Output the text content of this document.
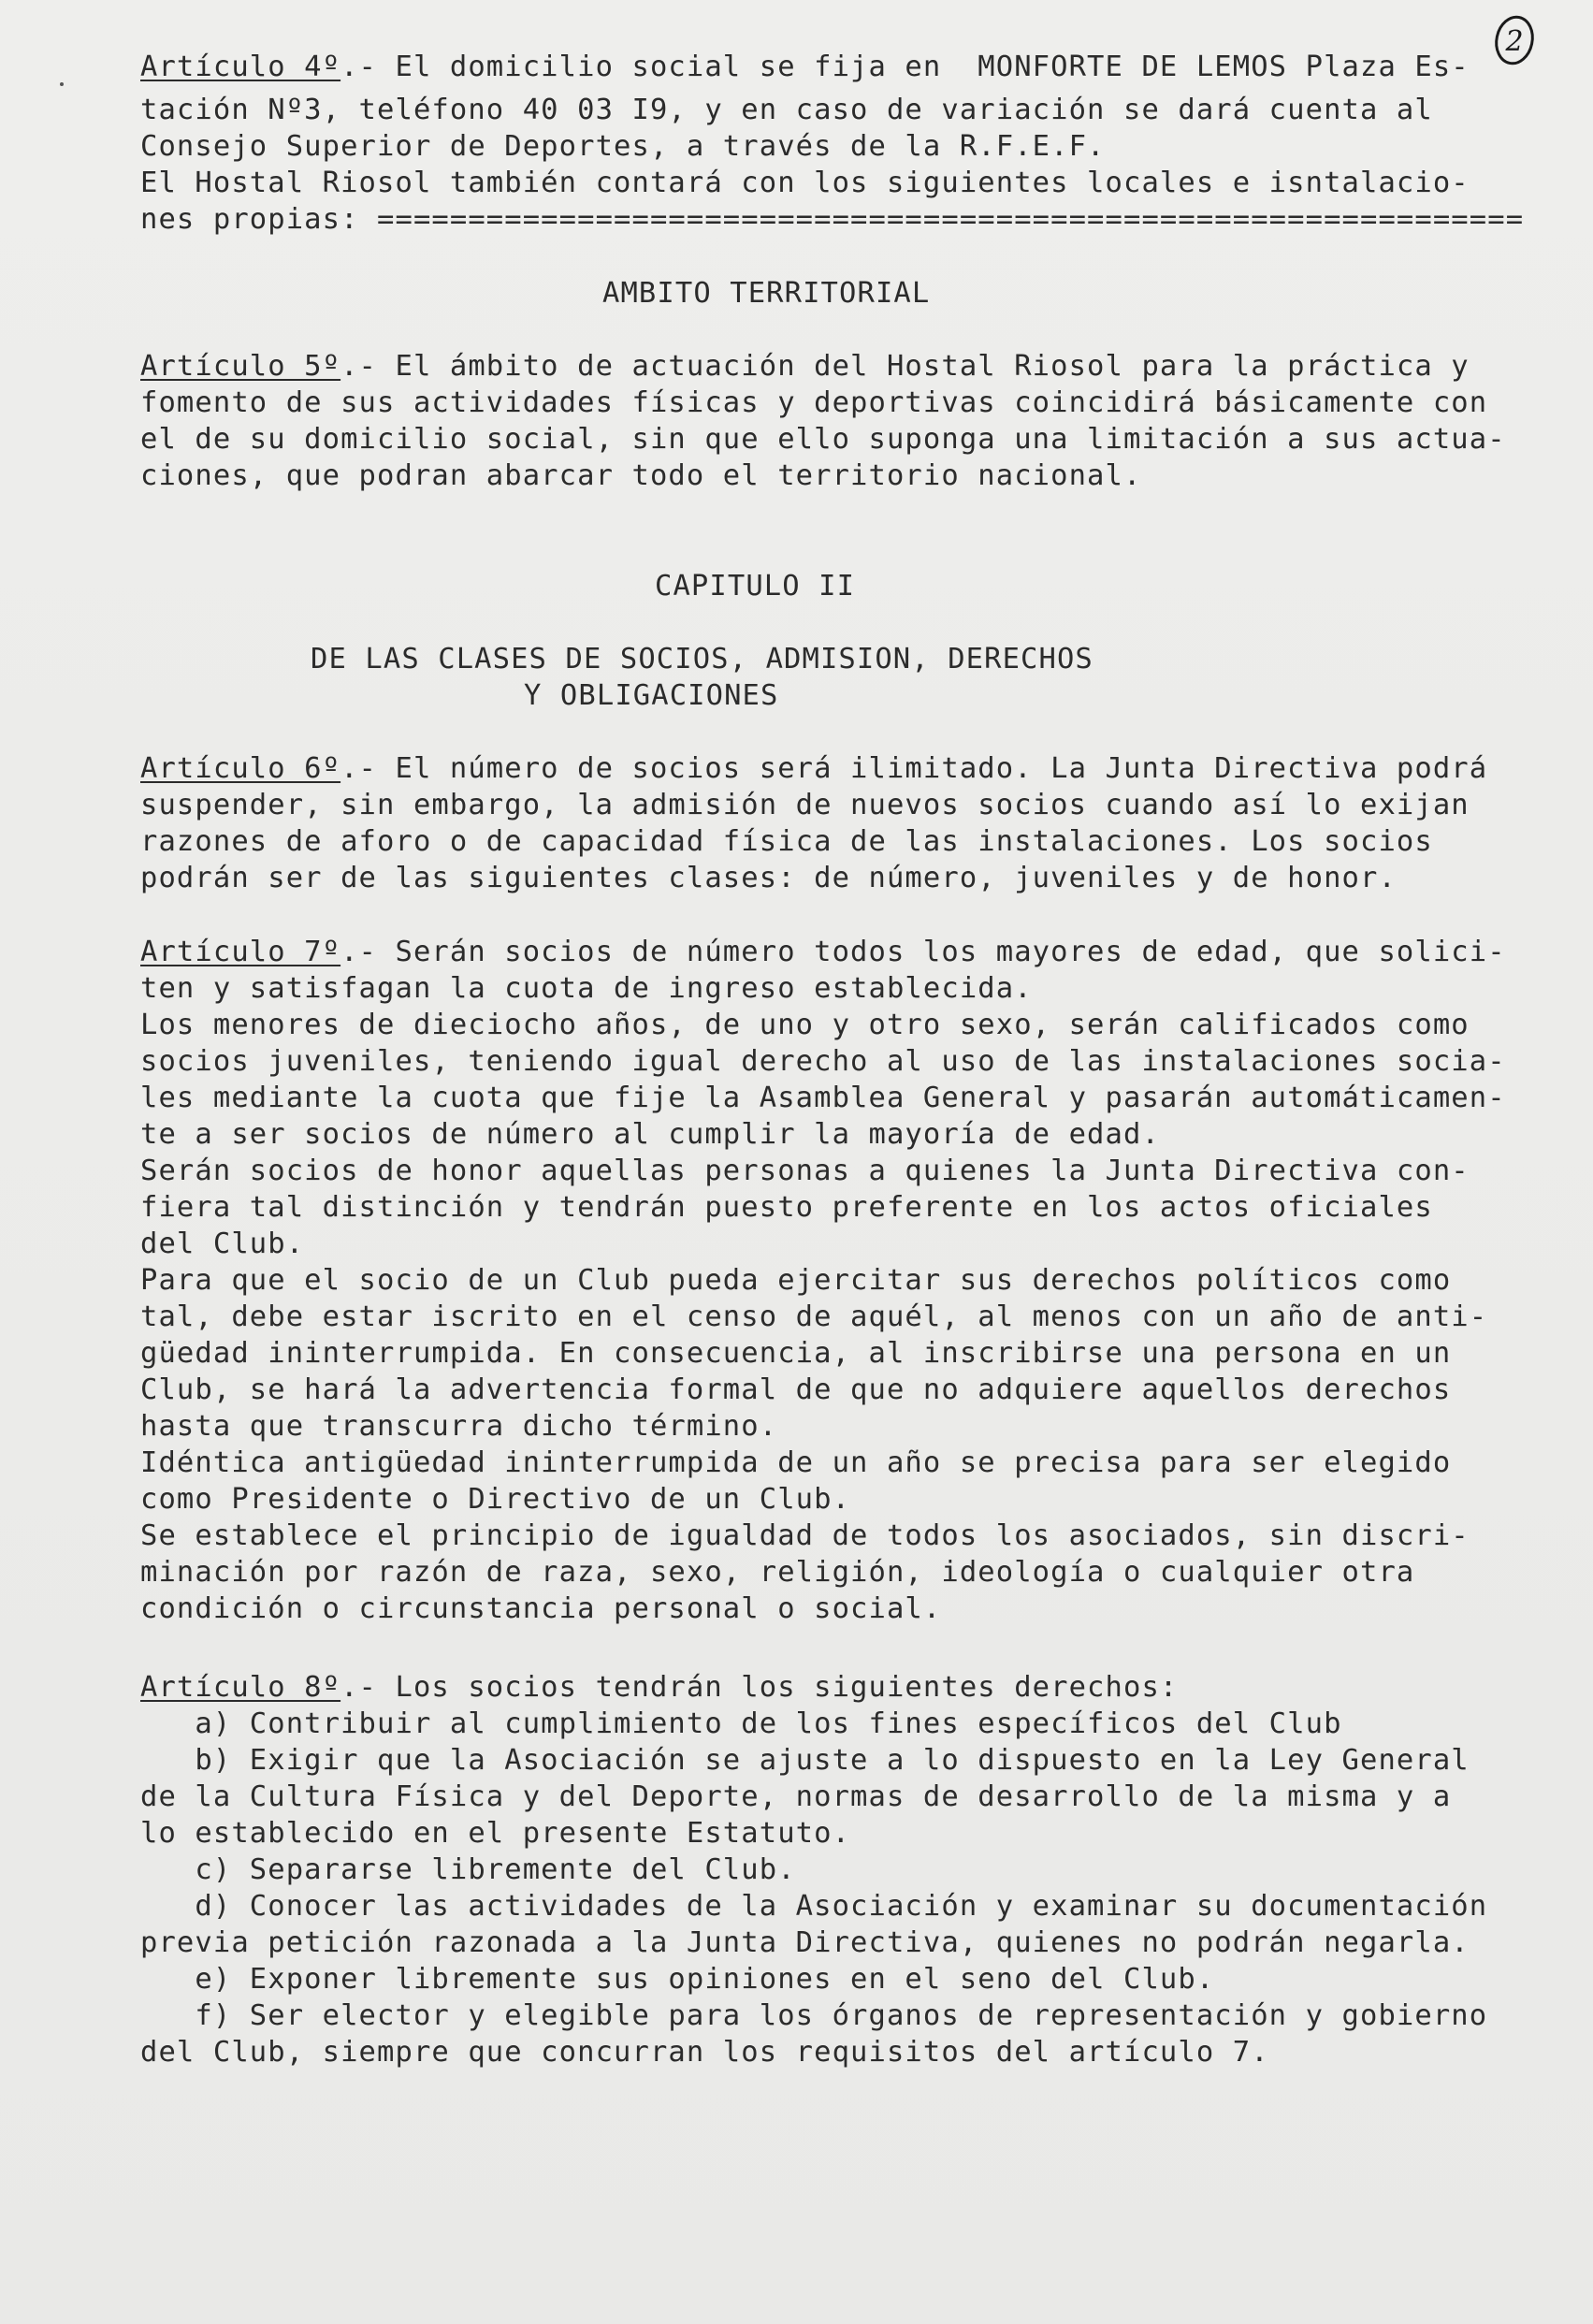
2

Artículo 4º.- El domicilio social se fija en  MONFORTE DE LEMOS Plaza Es-

tación Nº3, teléfono 40 03 I9, y en caso de variación se dará cuenta al
Consejo Superior de Deportes, a través de la R.F.E.F.
El Hostal Riosol también contará con los siguientes locales e isntalacio-
nes propias: ===============================================================

AMBITO TERRITORIAL

Artículo 5º.- El ámbito de actuación del Hostal Riosol para la práctica y

fomento de sus actividades físicas y deportivas coincidirá básicamente con
el de su domicilio social, sin que ello suponga una limitación a sus actua-
ciones, que podran abarcar todo el territorio nacional.

CAPITULO II

DE LAS CLASES DE SOCIOS, ADMISION, DERECHOS

Y OBLIGACIONES

Artículo 6º.- El número de socios será ilimitado. La Junta Directiva podrá

suspender, sin embargo, la admisión de nuevos socios cuando así lo exijan
razones de aforo o de capacidad física de las instalaciones. Los socios
podrán ser de las siguientes clases: de número, juveniles y de honor.

Artículo 7º.- Serán socios de número todos los mayores de edad, que solici-

ten y satisfagan la cuota de ingreso establecida.
Los menores de dieciocho años, de uno y otro sexo, serán calificados como
socios juveniles, teniendo igual derecho al uso de las instalaciones socia-
les mediante la cuota que fije la Asamblea General y pasarán automáticamen-
te a ser socios de número al cumplir la mayoría de edad.
Serán socios de honor aquellas personas a quienes la Junta Directiva con-
fiera tal distinción y tendrán puesto preferente en los actos oficiales
del Club.
Para que el socio de un Club pueda ejercitar sus derechos políticos como
tal, debe estar iscrito en el censo de aquél, al menos con un año de anti-
güedad ininterrumpida. En consecuencia, al inscribirse una persona en un
Club, se hará la advertencia formal de que no adquiere aquellos derechos
hasta que transcurra dicho término.
Idéntica antigüedad ininterrumpida de un año se precisa para ser elegido
como Presidente o Directivo de un Club.
Se establece el principio de igualdad de todos los asociados, sin discri-
minación por razón de raza, sexo, religión, ideología o cualquier otra
condición o circunstancia personal o social.

Artículo 8º.- Los socios tendrán los siguientes derechos:

a) Contribuir al cumplimiento de los fines específicos del Club
b) Exigir que la Asociación se ajuste a lo dispuesto en la Ley General
de la Cultura Física y del Deporte, normas de desarrollo de la misma y a
lo establecido en el presente Estatuto.
c) Separarse libremente del Club.
d) Conocer las actividades de la Asociación y examinar su documentación
previa petición razonada a la Junta Directiva, quienes no podrán negarla.
e) Exponer libremente sus opiniones en el seno del Club.
f) Ser elector y elegible para los órganos de representación y gobierno
del Club, siempre que concurran los requisitos del artículo 7.
